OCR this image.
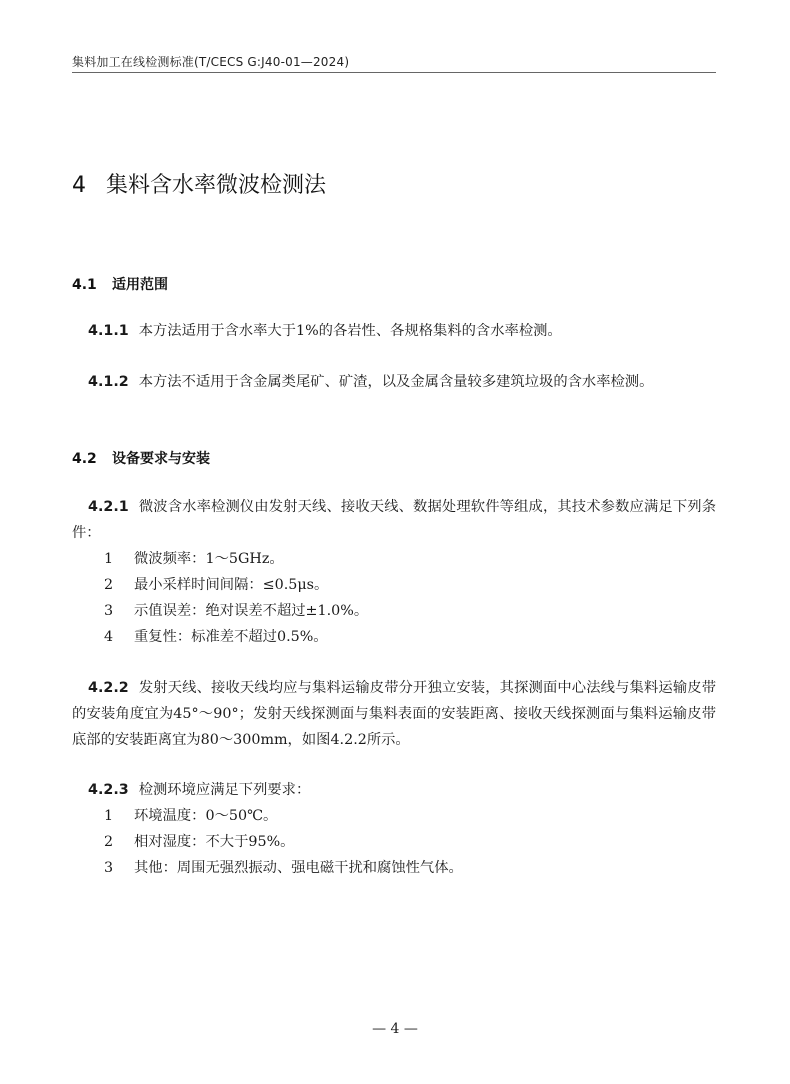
集料加工在线检测标准(T/CECS G:J40-01—2024)
4 集料含水率微波检测法
4.1 适用范围
4.1.1 本方法适用于含水率大于1%的各岩性、各规格集料的含水率检测。
4.1.2 本方法不适用于含金属类尾矿、矿渣，以及金属含量较多建筑垃圾的含水率检测。
4.2 设备要求与安装
4.2.1 微波含水率检测仪由发射天线、接收天线、数据处理软件等组成，其技术参数应满足下列条件：
1 微波频率：1～5GHz。
2 最小采样时间间隔：≤0.5μs。
3 示值误差：绝对误差不超过±1.0%。
4 重复性：标准差不超过0.5%。
4.2.2 发射天线、接收天线均应与集料运输皮带分开独立安装，其探测面中心法线与集料运输皮带的安装角度宜为45°～90°；发射天线探测面与集料表面的安装距离、接收天线探测面与集料运输皮带底部的安装距离宜为80～300mm，如图4.2.2所示。
4.2.3 检测环境应满足下列要求：
1 环境温度：0～50℃。
2 相对湿度：不大于95%。
3 其他：周围无强烈振动、强电磁干扰和腐蚀性气体。
— 4 —
